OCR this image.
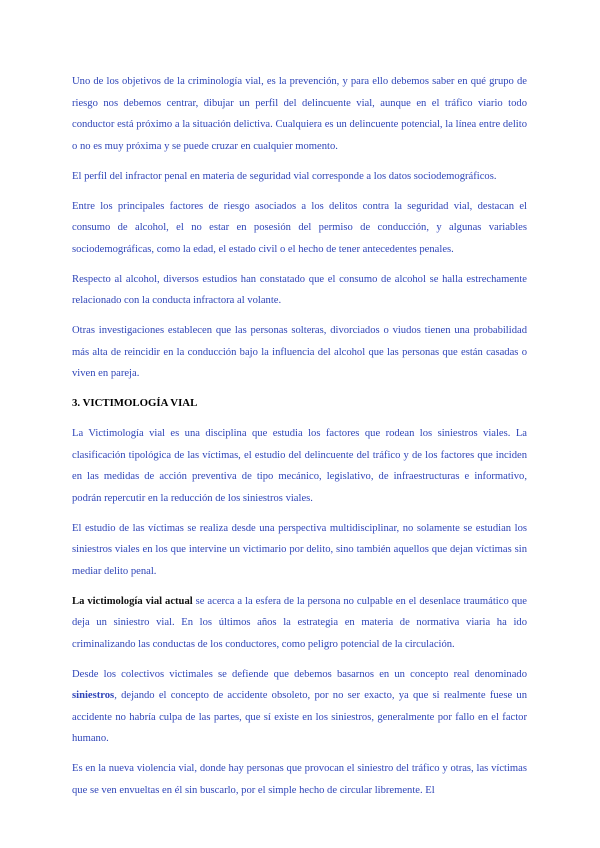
Uno de los objetivos de la criminología vial, es la prevención, y para ello debemos saber en qué grupo de riesgo nos debemos centrar, dibujar un perfil del delincuente vial, aunque en el tráfico viario todo conductor está próximo a la situación delictiva. Cualquiera es un delincuente potencial, la línea entre delito o no es muy próxima y se puede cruzar en cualquier momento.

El perfil del infractor penal en materia de seguridad vial corresponde a los datos sociodemográficos.

Entre los principales factores de riesgo asociados a los delitos contra la seguridad vial, destacan el consumo de alcohol, el no estar en posesión del permiso de conducción, y algunas variables sociodemográficas, como la edad, el estado civil o el hecho de tener antecedentes penales.

Respecto al alcohol, diversos estudios han constatado que el consumo de alcohol se halla estrechamente relacionado con la conducta infractora al volante.

Otras investigaciones establecen que las personas solteras, divorciados o viudos tienen una probabilidad más alta de reincidir en la conducción bajo la influencia del alcohol que las personas que están casadas o viven en pareja.

3. VICTIMOLOGÍA VIAL

La Victimología vial es una disciplina que estudia los factores que rodean los siniestros viales. La clasificación tipológica de las víctimas, el estudio del delincuente del tráfico y de los factores que inciden en las medidas de acción preventiva de tipo mecánico, legislativo, de infraestructuras e informativo, podrán repercutir en la reducción de los siniestros viales.

El estudio de las víctimas se realiza desde una perspectiva multidisciplinar, no solamente se estudian los siniestros viales en los que intervine un victimario por delito, sino también aquellos que dejan víctimas sin mediar delito penal.

La victimología vial actual se acerca a la esfera de la persona no culpable en el desenlace traumático que deja un siniestro vial. En los últimos años la estrategia en materia de normativa viaria ha ido criminalizando las conductas de los conductores, como peligro potencial de la circulación.

Desde los colectivos victimales se defiende que debemos basarnos en un concepto real denominado siniestros, dejando el concepto de accidente obsoleto, por no ser exacto, ya que si realmente fuese un accidente no habría culpa de las partes, que sí existe en los siniestros, generalmente por fallo en el factor humano.

Es en la nueva violencia vial, donde hay personas que provocan el siniestro del tráfico y otras, las víctimas que se ven envueltas en él sin buscarlo, por el simple hecho de circular libremente. El
